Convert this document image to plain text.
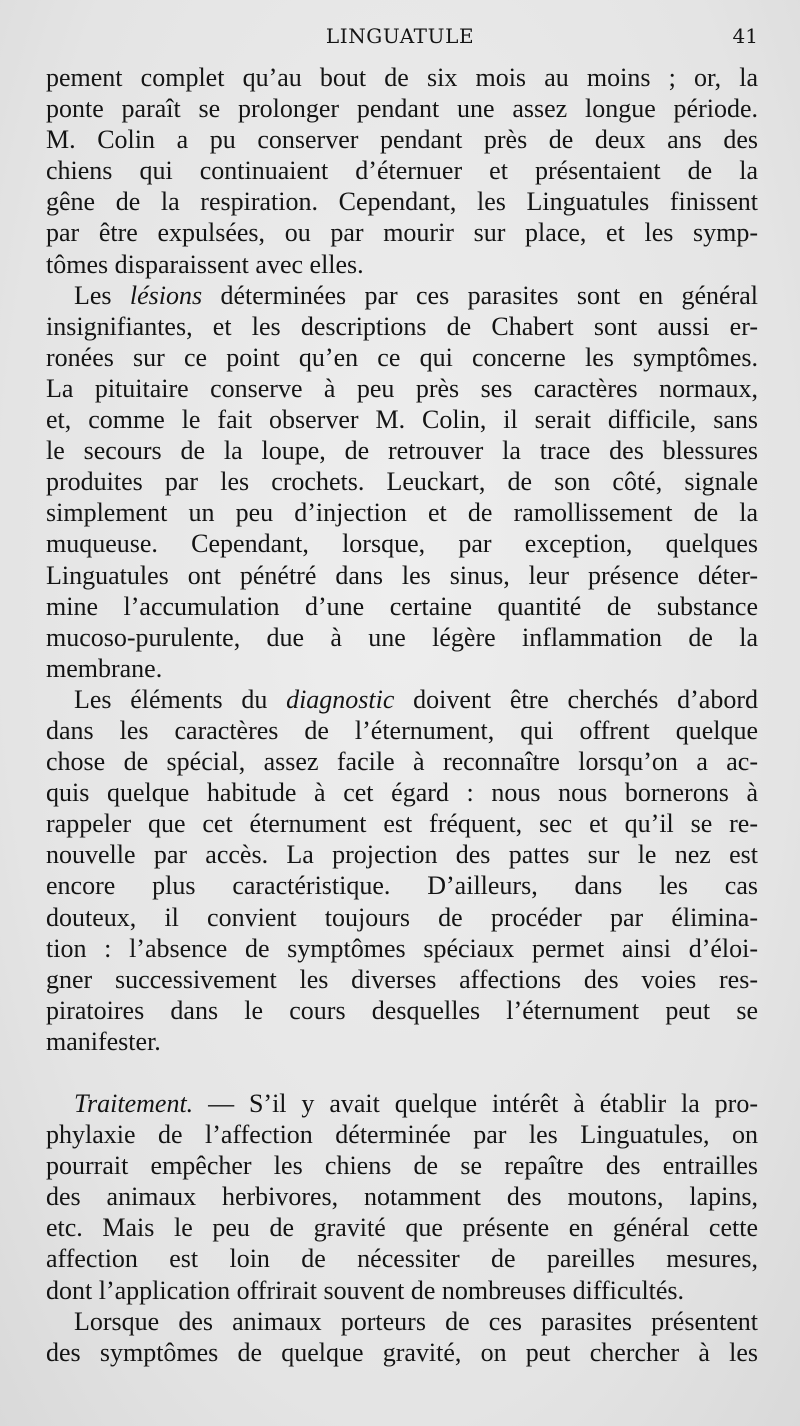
LINGUATULE	41
pement complet qu’au bout de six mois au moins ; or, la
ponte paraît se prolonger pendant une assez longue période.
M. Colin a pu conserver pendant près de deux ans des
chiens qui continuaient d’éternuer et présentaient de la
gêne de la respiration. Cependant, les Linguatules finissent
par être expulsées, ou par mourir sur place, et les symp-
tômes disparaissent avec elles.
Les lésions déterminées par ces parasites sont en général
insignifiantes, et les descriptions de Chabert sont aussi er-
ronées sur ce point qu’en ce qui concerne les symptômes.
La pituitaire conserve à peu près ses caractères normaux,
et, comme le fait observer M. Colin, il serait difficile, sans
le secours de la loupe, de retrouver la trace des blessures
produites par les crochets. Leuckart, de son côté, signale
simplement un peu d’injection et de ramollissement de la
muqueuse. Cependant, lorsque, par exception, quelques
Linguatules ont pénétré dans les sinus, leur présence déter-
mine l’accumulation d’une certaine quantité de substance
mucoso-purulente, due à une légère inflammation de la
membrane.
Les éléments du diagnostic doivent être cherchés d’abord
dans les caractères de l’éternument, qui offrent quelque
chose de spécial, assez facile à reconnaître lorsqu’on a ac-
quis quelque habitude à cet égard : nous nous bornerons à
rappeler que cet éternument est fréquent, sec et qu’il se re-
nouvelle par accès. La projection des pattes sur le nez est
encore plus caractéristique. D’ailleurs, dans les cas
douteux, il convient toujours de procéder par élimina-
tion : l’absence de symptômes spéciaux permet ainsi d’éloi-
gner successivement les diverses affections des voies res-
piratoires dans le cours desquelles l’éternument peut se
manifester.
Traitement. — S’il y avait quelque intérêt à établir la pro-
phylaxie de l’affection déterminée par les Linguatules, on
pourrait empêcher les chiens de se repaître des entrailles
des animaux herbivores, notamment des moutons, lapins,
etc. Mais le peu de gravité que présente en général cette
affection est loin de nécessiter de pareilles mesures,
dont l’application offrirait souvent de nombreuses difficultés.
Lorsque des animaux porteurs de ces parasites présentent
des symptômes de quelque gravité, on peut chercher à les
